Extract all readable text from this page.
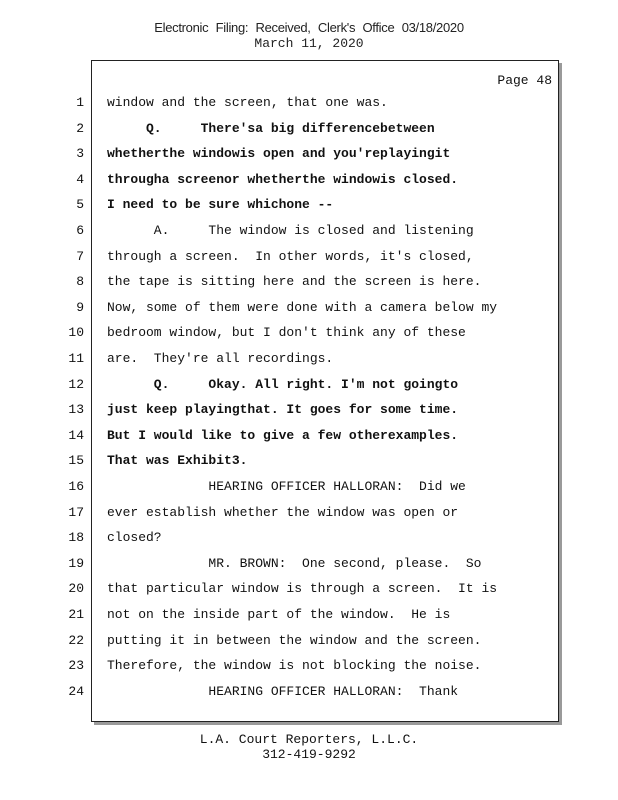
Electronic Filing: Received, Clerk's Office 03/18/2020
March 11, 2020
Page 48
1 window and the screen, that one was.
2 Q.     There'sa big differencebetween
3 whetherthe windowis open and you'replayingit
4 througha screenor whetherthe windowis closed.
5 I need to be sure whichone --
6 A.     The window is closed and listening
7 through a screen.  In other words, it's closed,
8 the tape is sitting here and the screen is here.
9 Now, some of them were done with a camera below my
10 bedroom window, but I don't think any of these
11 are.  They're all recordings.
12 Q.     Okay. All right. I'm not goingto
13 just keep playingthat. It goes for some time.
14 But I would like to give a few otherexamples.
15 That was Exhibit3.
16 HEARING OFFICER HALLORAN:  Did we
17 ever establish whether the window was open or
18 closed?
19 MR. BROWN:  One second, please.  So
20 that particular window is through a screen.  It is
21 not on the inside part of the window.  He is
22 putting it in between the window and the screen.
23 Therefore, the window is not blocking the noise.
24 HEARING OFFICER HALLORAN:  Thank
L.A. Court Reporters, L.L.C.
312-419-9292
